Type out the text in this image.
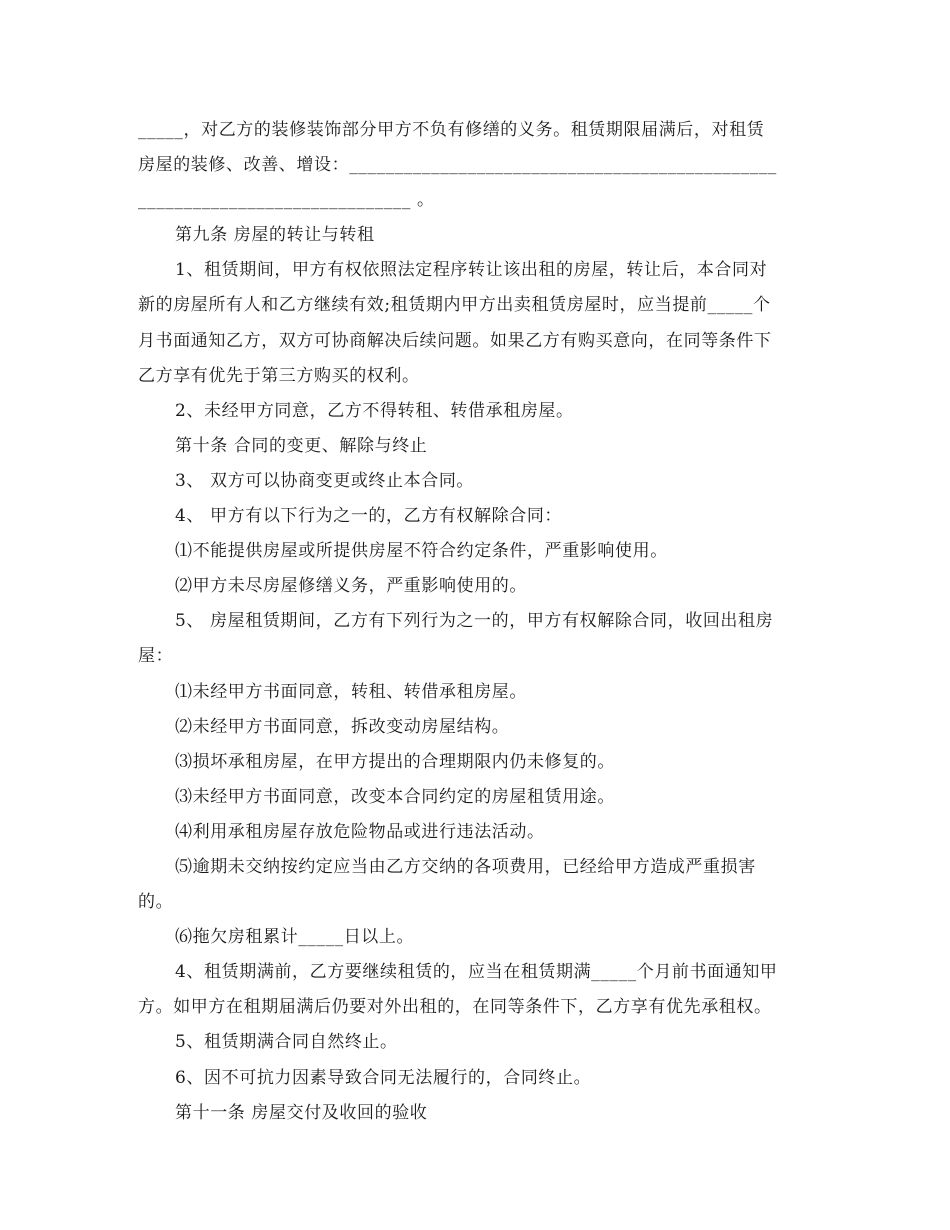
_____，对乙方的装修装饰部分甲方不负有修缮的义务。租赁期限届满后，对租赁
房屋的装修、改善、增设：_______________________________________________
______________________________ 。
第九条 房屋的转让与转租
1、租赁期间，甲方有权依照法定程序转让该出租的房屋，转让后，本合同对
新的房屋所有人和乙方继续有效;租赁期内甲方出卖租赁房屋时，应当提前_____个
月书面通知乙方，双方可协商解决后续问题。如果乙方有购买意向，在同等条件下
乙方享有优先于第三方购买的权利。
2、未经甲方同意，乙方不得转租、转借承租房屋。
第十条 合同的变更、解除与终止
3、 双方可以协商变更或终止本合同。
4、 甲方有以下行为之一的，乙方有权解除合同：
⑴不能提供房屋或所提供房屋不符合约定条件，严重影响使用。
⑵甲方未尽房屋修缮义务，严重影响使用的。
5、 房屋租赁期间，乙方有下列行为之一的，甲方有权解除合同，收回出租房
屋：
⑴未经甲方书面同意，转租、转借承租房屋。
⑵未经甲方书面同意，拆改变动房屋结构。
⑶损坏承租房屋，在甲方提出的合理期限内仍未修复的。
⑶未经甲方书面同意，改变本合同约定的房屋租赁用途。
⑷利用承租房屋存放危险物品或进行违法活动。
⑸逾期未交纳按约定应当由乙方交纳的各项费用，已经给甲方造成严重损害
的。
⑹拖欠房租累计_____日以上。
4、租赁期满前，乙方要继续租赁的，应当在租赁期满_____个月前书面通知甲
方。如甲方在租期届满后仍要对外出租的，在同等条件下，乙方享有优先承租权。
5、租赁期满合同自然终止。
6、因不可抗力因素导致合同无法履行的，合同终止。
第十一条 房屋交付及收回的验收
